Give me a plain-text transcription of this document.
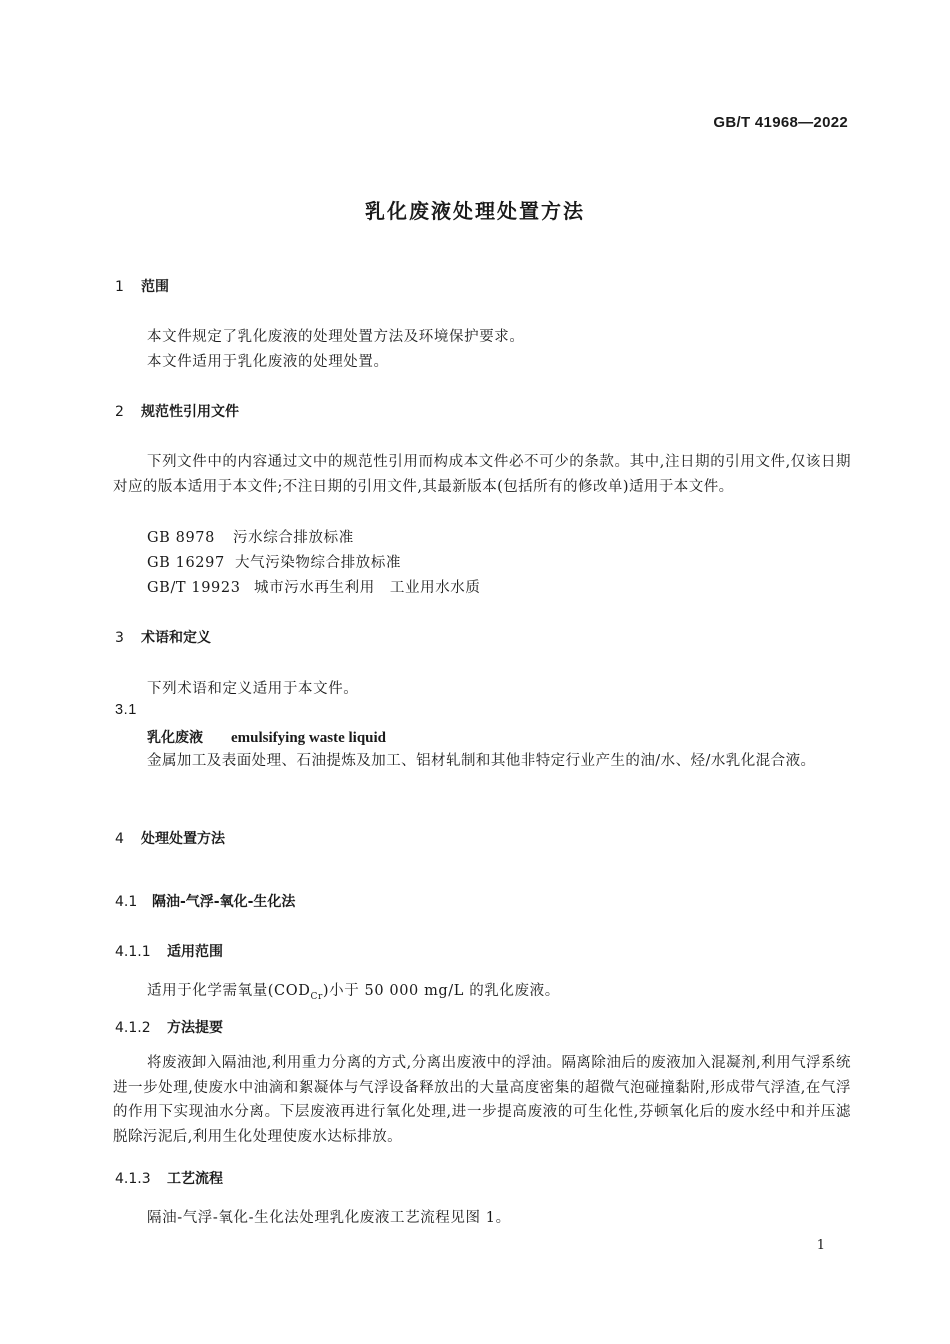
GB/T 41968—2022
乳化废液处理处置方法
1 范围
本文件规定了乳化废液的处理处置方法及环境保护要求。
本文件适用于乳化废液的处理处置。
2 规范性引用文件
下列文件中的内容通过文中的规范性引用而构成本文件必不可少的条款。其中,注日期的引用文件,仅该日期对应的版本适用于本文件;不注日期的引用文件,其最新版本(包括所有的修改单)适用于本文件。
GB 8978 污水综合排放标准
GB 16297 大气污染物综合排放标准
GB/T 19923 城市污水再生利用　工业用水水质
3 术语和定义
下列术语和定义适用于本文件。
3.1
乳化废液 emulsifying waste liquid
金属加工及表面处理、石油提炼及加工、铝材轧制和其他非特定行业产生的油/水、烃/水乳化混合液。
4 处理处置方法
4.1 隔油-气浮-氧化-生化法
4.1.1 适用范围
适用于化学需氧量$(COD_{Cr})$小于 50 000 mg/L 的乳化废液。
4.1.2 方法提要
将废液卸入隔油池,利用重力分离的方式,分离出废液中的浮油。隔离除油后的废液加入混凝剂,利用气浮系统进一步处理,使废水中油滴和絮凝体与气浮设备释放出的大量高度密集的超微气泡碰撞黏附,形成带气浮渣,在气浮的作用下实现油水分离。下层废液再进行氧化处理,进一步提高废液的可生化性,芬顿氧化后的废水经中和并压滤脱除污泥后,利用生化处理使废水达标排放。
4.1.3 工艺流程
隔油-气浮-氧化-生化法处理乳化废液工艺流程见图 1。
1
